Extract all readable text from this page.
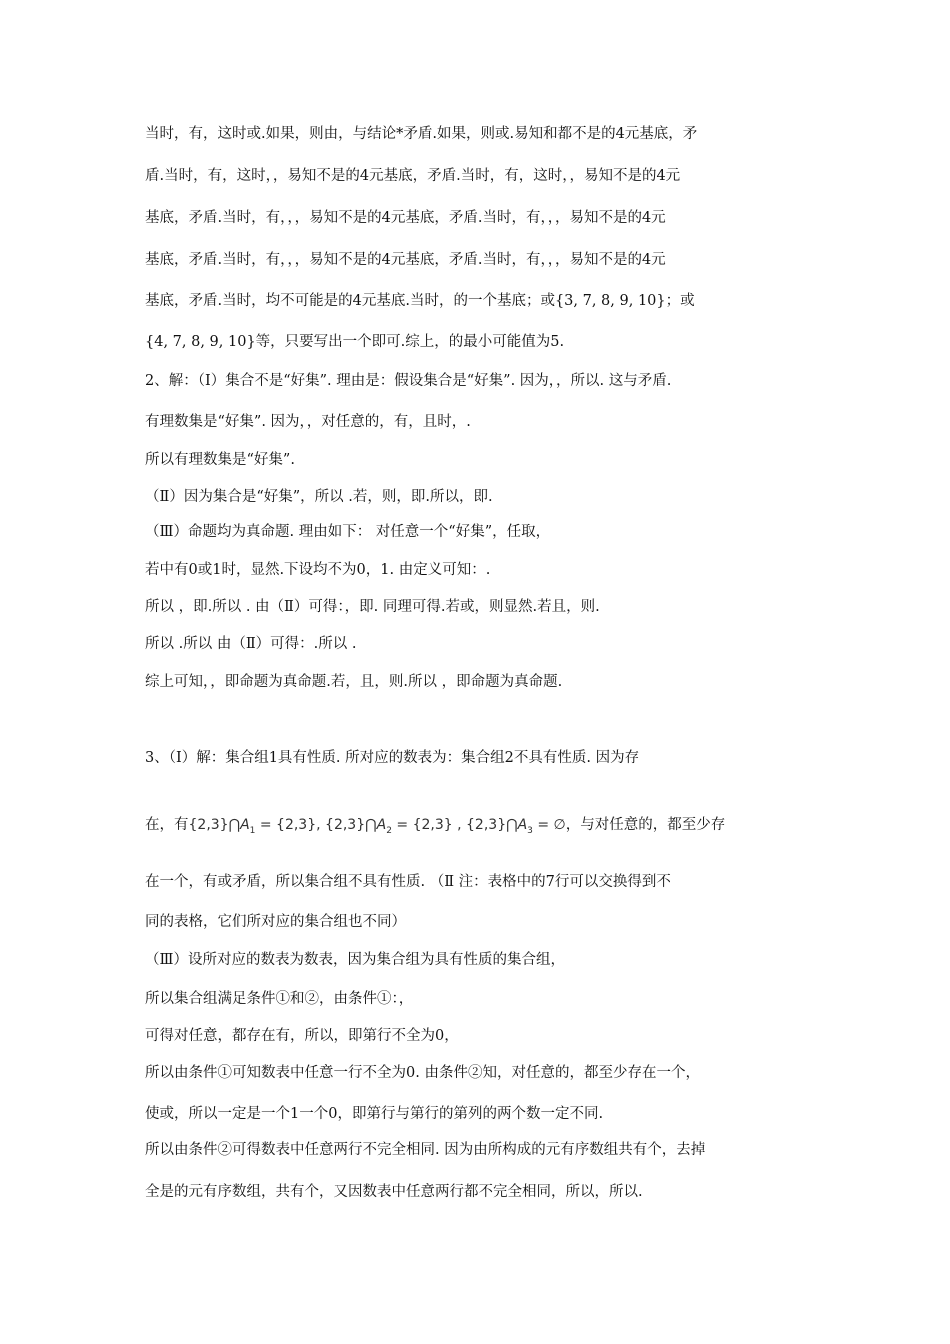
当时，有，这时或.如果，则由，与结论*矛盾.如果，则或.易知和都不是的4元基底，矛
盾.当时，有，这时，，易知不是的4元基底，矛盾.当时，有，这时，，易知不是的4元
基底，矛盾.当时，有，，，易知不是的4元基底，矛盾.当时，有，，，易知不是的4元
基底，矛盾.当时，有，，，易知不是的4元基底，矛盾.当时，有，，，易知不是的4元
基底，矛盾.当时，均不可能是的4元基底.当时，的一个基底；或{3, 7, 8, 9, 10}；或
{4, 7, 8, 9, 10}等，只要写出一个即可.综上，的最小可能值为5.
2、解：（Ⅰ）集合不是“好集”. 理由是：假设集合是“好集”. 因为，，所以. 这与矛盾.
有理数集是“好集”. 因为，，对任意的，有，且时，.
所以有理数集是“好集”.
（Ⅱ）因为集合是“好集”，所以 .若，则，即.所以，即.
（Ⅲ）命题均为真命题. 理由如下： 对任意一个“好集”，任取，
若中有0或1时，显然.下设均不为0，1. 由定义可知：.
所以 ，即.所以 . 由（Ⅱ）可得：，即. 同理可得.若或，则显然.若且，则.
所以 .所以 由（Ⅱ）可得：.所以 .
综上可知，，即命题为真命题.若，且，则.所以 ，即命题为真命题.
3、（Ⅰ）解：集合组1具有性质. 所对应的数表为：集合组2不具有性质. 因为存
在，有$\{2,3\}⋂A_1 = \{2,3\}$, $\{2,3\}⋂A_2 = \{2,3\}$ , $\{2,3\}⋂A_3$ = ∅，与对任意的，都至少存
在一个，有或矛盾，所以集合组不具有性质. （Ⅱ 注：表格中的7行可以交换得到不
同的表格，它们所对应的集合组也不同）
（Ⅲ）设所对应的数表为数表，因为集合组为具有性质的集合组，
所以集合组满足条件①和②，由条件①：，
可得对任意，都存在有，所以，即第行不全为0，
所以由条件①可知数表中任意一行不全为0. 由条件②知，对任意的，都至少存在一个，
使或，所以一定是一个1一个0，即第行与第行的第列的两个数一定不同.
所以由条件②可得数表中任意两行不完全相同. 因为由所构成的元有序数组共有个，去掉
全是的元有序数组，共有个，又因数表中任意两行都不完全相同，所以，所以.
